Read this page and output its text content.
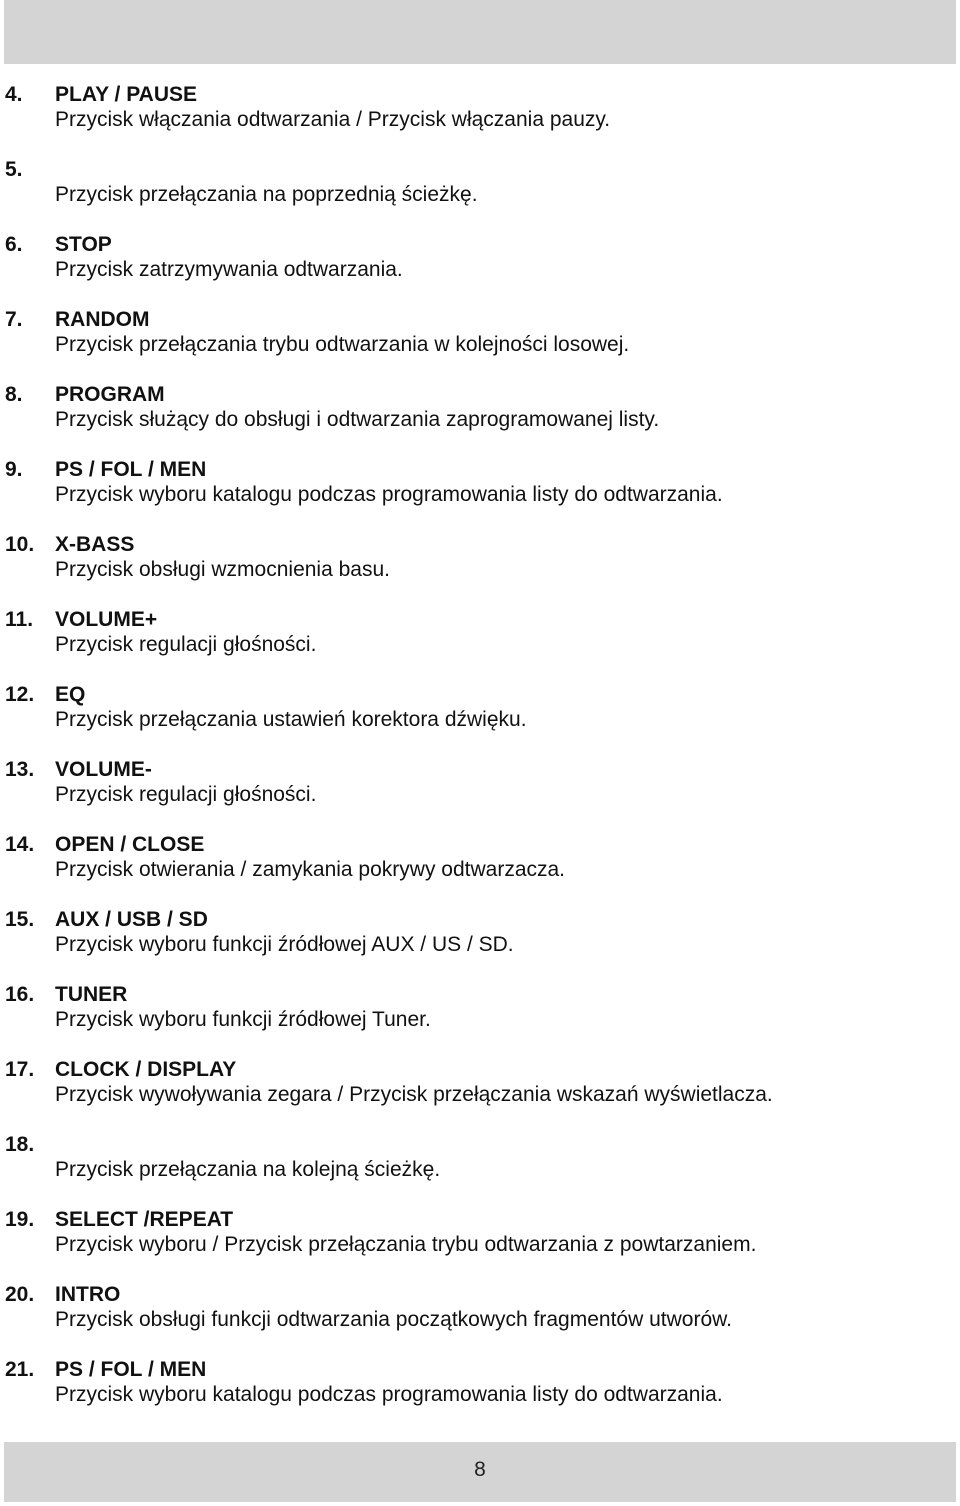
4. PLAY / PAUSE
Przycisk włączania odtwarzania / Przycisk włączania pauzy.
5.
Przycisk przełączania na poprzednią ścieżkę.
6. STOP
Przycisk zatrzymywania odtwarzania.
7. RANDOM
Przycisk przełączania trybu odtwarzania w kolejności losowej.
8. PROGRAM
Przycisk służący do obsługi i odtwarzania zaprogramowanej listy.
9. PS / FOL / MEN
Przycisk wyboru katalogu podczas programowania listy do odtwarzania.
10. X-BASS
Przycisk obsługi wzmocnienia basu.
11. VOLUME+
Przycisk regulacji głośności.
12. EQ
Przycisk przełączania ustawień korektora dźwięku.
13. VOLUME-
Przycisk regulacji głośności.
14. OPEN / CLOSE
Przycisk otwierania / zamykania pokrywy odtwarzacza.
15. AUX / USB / SD
Przycisk wyboru funkcji źródłowej AUX / US / SD.
16. TUNER
Przycisk wyboru funkcji źródłowej Tuner.
17. CLOCK / DISPLAY
Przycisk wywoływania zegara / Przycisk przełączania wskazań wyświetlacza.
18.
Przycisk przełączania na kolejną ścieżkę.
19. SELECT /REPEAT
Przycisk wyboru / Przycisk przełączania trybu odtwarzania z powtarzaniem.
20. INTRO
Przycisk obsługi funkcji odtwarzania początkowych fragmentów utworów.
21. PS / FOL / MEN
Przycisk wyboru katalogu podczas programowania listy do odtwarzania.
8
